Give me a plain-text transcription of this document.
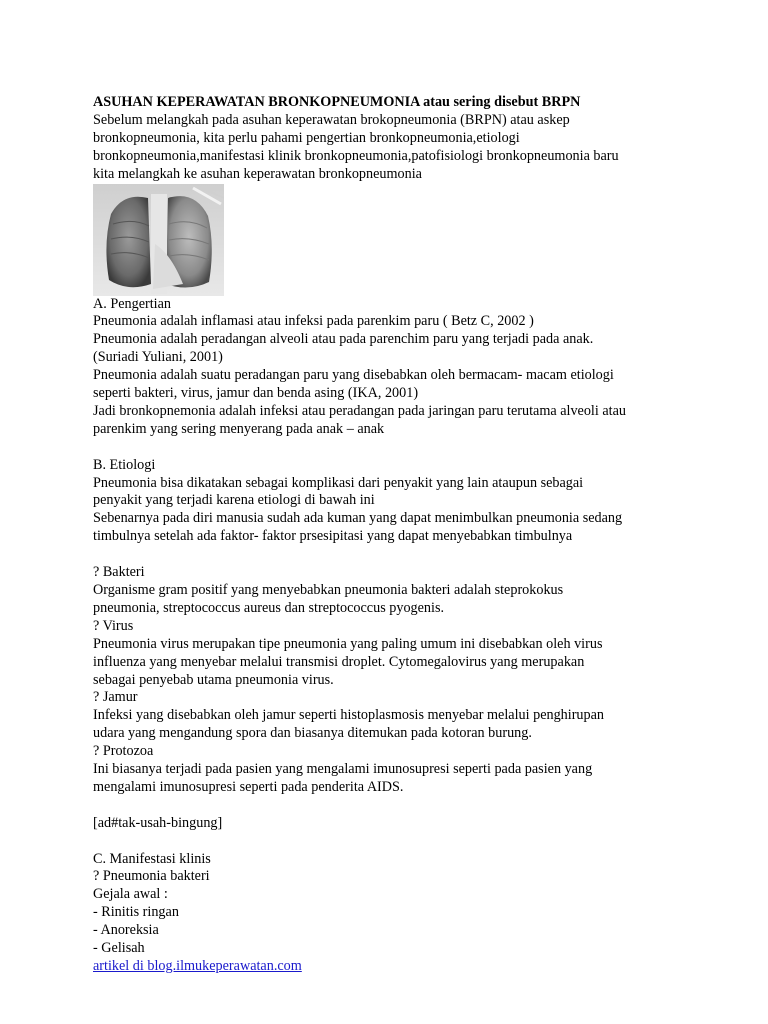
ASUHAN KEPERAWATAN BRONKOPNEUMONIA atau sering disebut BRPN

Sebelum melangkah pada asuhan keperawatan brokopneumonia (BRPN) atau askep
bronkopneumonia, kita perlu pahami pengertian bronkopneumonia,etiologi
bronkopneumonia,manifestasi klinik bronkopneumonia,patofisiologi bronkopneumonia baru
kita melangkah ke asuhan keperawatan bronkopneumonia
A. Pengertian
Pneumonia adalah inflamasi atau infeksi pada parenkim paru ( Betz C, 2002 )
Pneumonia adalah peradangan alveoli atau pada parenchim paru yang terjadi pada anak.
(Suriadi Yuliani, 2001)
Pneumonia adalah suatu peradangan paru yang disebabkan oleh bermacam- macam etiologi
seperti bakteri, virus, jamur dan benda asing (IKA, 2001)
Jadi bronkopnemonia adalah infeksi atau peradangan pada jaringan paru terutama alveoli atau
parenkim yang sering menyerang pada anak – anak
B. Etiologi
Pneumonia bisa dikatakan sebagai komplikasi dari penyakit yang lain ataupun sebagai
penyakit yang terjadi karena etiologi di bawah ini
Sebenarnya pada diri manusia sudah ada kuman yang dapat menimbulkan pneumonia sedang
timbulnya setelah ada faktor- faktor prsesipitasi yang dapat menyebabkan timbulnya
? Bakteri
Organisme gram positif yang menyebabkan pneumonia bakteri adalah steprokokus
pneumonia, streptococcus aureus dan streptococcus pyogenis.
? Virus
Pneumonia virus merupakan tipe pneumonia yang paling umum ini disebabkan oleh virus
influenza yang menyebar melalui transmisi droplet. Cytomegalovirus yang merupakan
sebagai penyebab utama pneumonia virus.
? Jamur
Infeksi yang disebabkan oleh jamur seperti histoplasmosis menyebar melalui penghirupan
udara yang mengandung spora dan biasanya ditemukan pada kotoran burung.
? Protozoa
Ini biasanya terjadi pada pasien yang mengalami imunosupresi seperti pada pasien yang
mengalami imunosupresi seperti pada penderita AIDS.
[ad#tak-usah-bingung]
C. Manifestasi klinis
? Pneumonia bakteri
Gejala awal :
- Rinitis ringan
- Anoreksia
- Gelisah
artikel di blog.ilmukeperawatan.com
